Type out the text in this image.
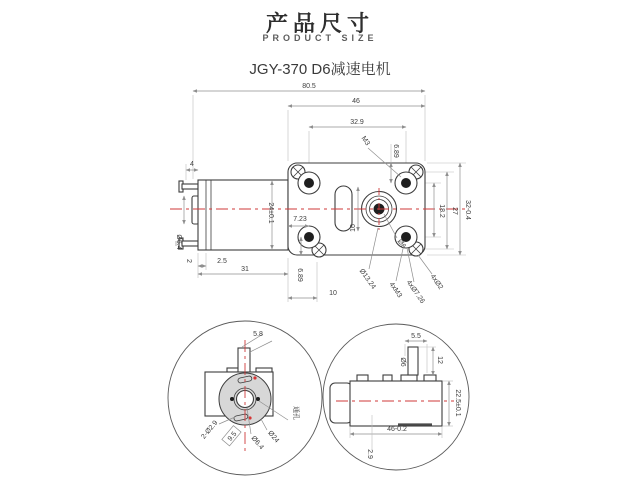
产品尺寸
PRODUCT SIZE
JGY-370 D6减速电机
80.5
46
32.9
6.89
M3
4
24±0.1	7.23
Ø6.4
2	2.5
31	6.89
10
16
Ø6
Ø13.24 4xM3 4xØ7.26 4xØ2
18.2 27 32-0.4
5.8
通孔
2-Ø2.9 9.5 Ø6.4 Ø24
5.5
Ø6	12
22.5±0.1
46-0.2
2.9
